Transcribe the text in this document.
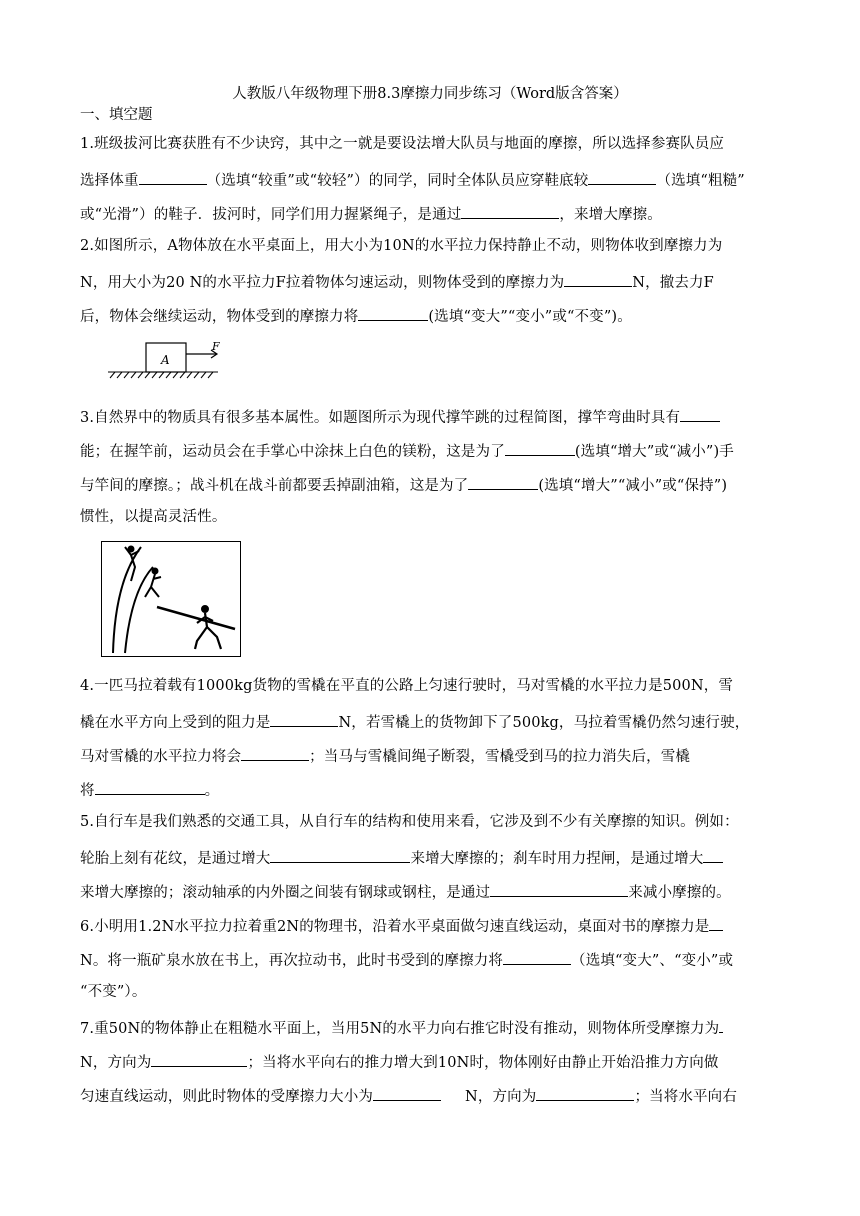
人教版八年级物理下册8.3摩擦力同步练习（Word版含答案）
一、填空题
1.班级拔河比赛获胜有不少诀窍，其中之一就是要设法增大队员与地面的摩擦，所以选择参赛队员应
选择体重	（选填“较重”或“较轻”）的同学，同时全体队员应穿鞋底较	（选填“粗糙”
或“光滑”）的鞋子．拔河时，同学们用力握紧绳子，是通过	，来增大摩擦。
2.如图所示，A物体放在水平桌面上，用大小为10N的水平拉力保持静止不动，则物体收到摩擦力为
N，用大小为20 N的水平拉力F拉着物体匀速运动，则物体受到的摩擦力为	N，撤去力F
后，物体会继续运动，物体受到的摩擦力将	(选填“变大”“变小”或“不变”)。
A
F
3.自然界中的物质具有很多基本属性。如题图所示为现代撑竿跳的过程简图，撑竿弯曲时具有
能；在握竿前，运动员会在手掌心中涂抹上白色的镁粉，这是为了	(选填“增大”或“减小”)手
与竿间的摩擦。；战斗机在战斗前都要丢掉副油箱，这是为了	(选填“增大”“减小”或“保持”)
惯性，以提高灵活性。
4.一匹马拉着载有1000kg货物的雪橇在平直的公路上匀速行驶时，马对雪橇的水平拉力是500N，雪
橇在水平方向上受到的阻力是	N，若雪橇上的货物卸下了500kg，马拉着雪橇仍然匀速行驶，
马对雪橇的水平拉力将会	；当马与雪橇间绳子断裂，雪橇受到马的拉力消失后，雪橇
将	。
5.自行车是我们熟悉的交通工具，从自行车的结构和使用来看，它涉及到不少有关摩擦的知识。例如：
轮胎上刻有花纹，是通过增大	来增大摩擦的；刹车时用力捏闸，是通过增大
来增大摩擦的；滚动轴承的内外圈之间装有钢球或钢柱，是通过	来减小摩擦的。
6.小明用1.2N水平拉力拉着重2N的物理书，沿着水平桌面做匀速直线运动，桌面对书的摩擦力是
N。将一瓶矿泉水放在书上，再次拉动书，此时书受到的摩擦力将	（选填“变大”、“变小”或
“不变”）。
7.重50N的物体静止在粗糙水平面上，当用5N的水平力向右推它时没有推动，则物体所受摩擦力为
N，方向为	；当将水平向右的推力增大到10N时，物体刚好由静止开始沿推力方向做
匀速直线运动，则此时物体的受摩擦力大小为	N，方向为	；当将水平向右
